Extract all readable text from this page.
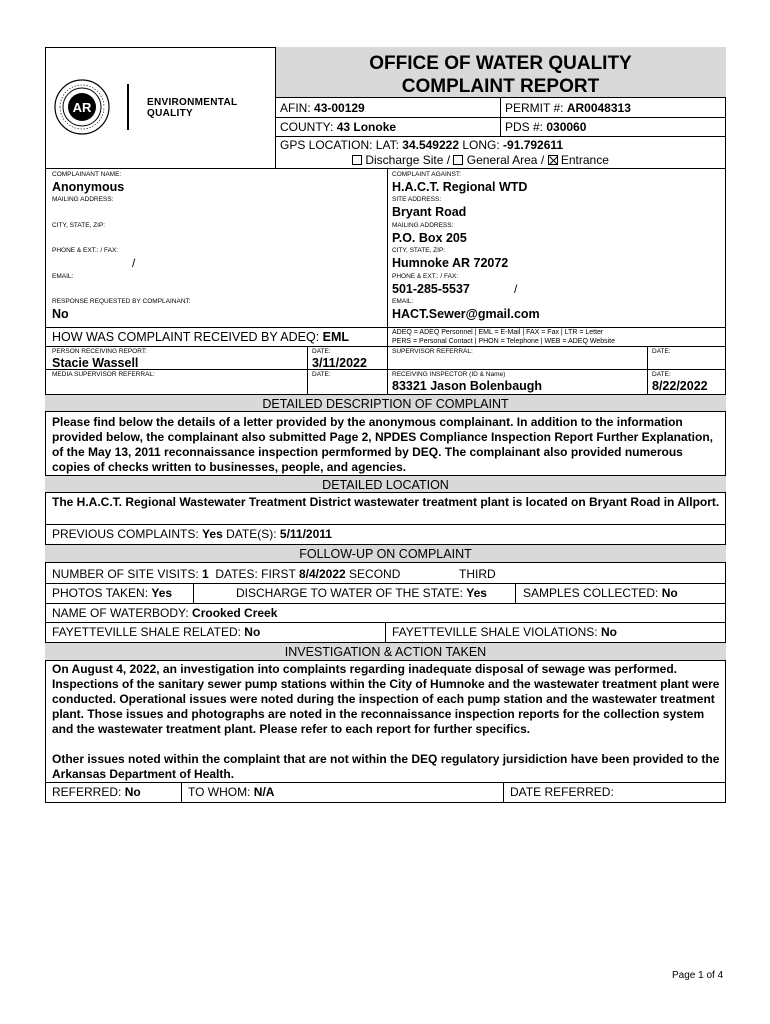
AR	ENVIRONMENTAL
QUALITY
OFFICE OF WATER QUALITY
COMPLAINT REPORT
AFIN: 43-00129	PERMIT #: AR0048313
COUNTY: 43 Lonoke	PDS #: 030060
GPS LOCATION: LAT: 34.549222 LONG: -91.792611
Discharge Site / General Area / Entrance
COMPLAINANT NAME:
Anonymous
MAILING ADDRESS:
CITY, STATE, ZIP:
PHONE & EXT.: / FAX:
/
EMAIL:
RESPONSE REQUESTED BY COMPLAINANT:
No
COMPLAINT AGAINST:
H.A.C.T. Regional WTD
SITE ADDRESS:
Bryant Road
MAILING ADDRESS:
P.O. Box 205
CITY, STATE, ZIP:
Humnoke AR 72072
PHONE & EXT.: / FAX:
501-285-5537	/
EMAIL:
HACT.Sewer@gmail.com
HOW WAS COMPLAINT RECEIVED BY ADEQ: EML	ADEQ = ADEQ Personnel | EML = E-Mail | FAX = Fax | LTR = Letter
PERS = Personal Contact | PHON = Telephone | WEB = ADEQ Website
PERSON RECEIVING REPORT:
Stacie Wassell
DATE:
3/11/2022
SUPERVISOR REFERRAL:	DATE:
MEDIA SUPERVISOR REFERRAL:	DATE:	RECEIVING INSPECTOR (ID & Name)
83321 Jason Bolenbaugh
DATE:
8/22/2022
DETAILED DESCRIPTION OF COMPLAINT
Please find below the details of a letter provided by the anonymous complainant. In addition to the information provided below, the complainant also submitted Page 2, NPDES Compliance Inspection Report Further Explanation, of the May 13, 2011 reconnaissance inspection permformed by DEQ. The complainant also provided numerous copies of checks written to businesses, people, and agencies.
DETAILED LOCATION
The H.A.C.T. Regional Wastewater Treatment District wastewater treatment plant is located on Bryant Road in Allport.
PREVIOUS COMPLAINTS: Yes DATE(S): 5/11/2011
FOLLOW-UP ON COMPLAINT
NUMBER OF SITE VISITS: 1 DATES: FIRST 8/4/2022 SECOND	THIRD
PHOTOS TAKEN: Yes	DISCHARGE TO WATER OF THE STATE: Yes	SAMPLES COLLECTED: No
NAME OF WATERBODY: Crooked Creek
FAYETTEVILLE SHALE RELATED: No	FAYETTEVILLE SHALE VIOLATIONS: No
INVESTIGATION & ACTION TAKEN
On August 4, 2022, an investigation into complaints regarding inadequate disposal of sewage was performed. Inspections of the sanitary sewer pump stations within the City of Humnoke and the wastewater treatment plant were conducted. Operational issues were noted during the inspection of each pump station and the wastewater treatment plant. Those issues and photographs are noted in the reconnaissance inspection reports for the collection system and the wastewater treatment plant. Please refer to each report for further specifics.
Other issues noted within the complaint that are not within the DEQ regulatory jursidiction have been provided to the Arkansas Department of Health.
REFERRED: No	TO WHOM: N/A	DATE REFERRED:
Page 1 of 4
